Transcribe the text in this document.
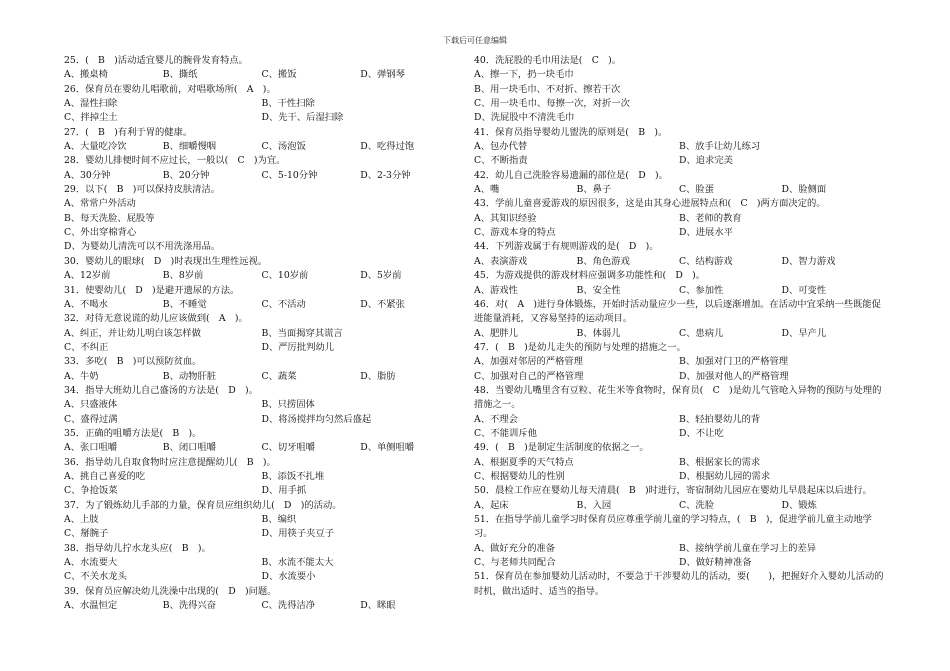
下载后可任意编辑
25．(　B　)活动适宜婴儿的腕骨发育特点。
A、搬桌椅	B、撕纸	C、搬饭	D、弹钢琴
26．保育员在婴幼儿唱歌前，对唱歌场所(　A　)。
A、湿性扫除	B、干性扫除
C、拌掉尘土	D、先干、后湿扫除
27．(　B　)有利于胃的健康。
A、大量吃冷饮	B、细嚼慢咽	C、汤泡饭	D、吃得过饱
28．婴幼儿排便时间不应过长，一般以(　C　)为宜。
A、30分钟	B、20分钟	C、5-10分钟	D、2-3分钟
29．以下(　B　)可以保持皮肤清洁。
A、常常户外活动
B、每天洗脸、屁股等
C、外出穿棉背心
D、为婴幼儿清洗可以不用洗涤用品。
30．婴幼儿的眼球(　D　)时表现出生理性远视。
A、12岁前	B、8岁前	C、10岁前	D、5岁前
31．使婴幼儿(　D　)是避开遗尿的方法。
A、不喝水	B、不睡觉	C、不活动	D、不紧张
32．对待无意说谎的幼儿应该做到(　A　)。
A、纠正，并让幼儿明白该怎样做	B、当面揭穿其谎言
C、不纠正	D、严厉批判幼儿
33．多吃(　B　)可以预防贫血。
A、牛奶	B、动物肝脏	C、蔬菜	D、脂肪
34．指导大班幼儿自己盛汤的方法是(　D　)。
A、只盛液体	B、只捞固体
C、盛得过满	D、将汤搅拌均匀然后盛起
35．正确的咀嚼方法是(　B　)。
A、张口咀嚼	B、闭口咀嚼	C、切牙咀嚼	D、单侧咀嚼
36．指导幼儿自取食物时应注意提醒幼儿(　B　)。
A、挑自己喜爱的吃	B、添饭不扎堆
C、争抢饭菜	D、用手抓
37．为了锻炼幼儿手部的力量，保育员应组织幼儿(　D　)的活动。
A、上肢	B、编织
C、掰腕子	D、用筷子夹豆子
38．指导幼儿拧水龙头应(　B　)。
A、水流要大	B、水流不能太大
C、不关水龙头	D、水流要小
39．保育员应解决幼儿洗澡中出现的(　D　)问题。
A、水温恒定	B、洗得兴奋	C、洗得洁净	D、眯眼
40．洗屁股的毛巾用法是(　C　)。
A、擦一下，扔一块毛巾
B、用一块毛巾、不对折、擦若干次
C、用一块毛巾、每擦一次，对折一次
D、洗屁股中不清洗毛巾
41．保育员指导婴幼儿盥洗的原则是(　B　)。
A、包办代替	B、放手让幼儿练习
C、不断指责	D、追求完美
42．幼儿自己洗脸容易遗漏的部位是(　D　)。
A、嘴	B、鼻子	C、脸蛋	D、脸侧面
43．学前儿童喜爱游戏的原因很多，这是由其身心进展特点和(　C　)两方面决定的。
A、其知识经验	B、老师的教育
C、游戏本身的特点	D、进展水平
44．下列游戏属于有规则游戏的是(　D　)。
A、表演游戏	B、角色游戏	C、结构游戏	D、智力游戏
45．为游戏提供的游戏材料应强调多功能性和(　D　)。
A、游戏性	B、安全性	C、参加性	D、可变性
46．对(　A　)进行身体锻炼，开始时活动量应少一些，以后逐渐增加。在活动中宜采纳一些既能促进能量消耗，又容易坚持的运动项目。
A、肥胖儿	B、体弱儿	C、患病儿	D、早产儿
47．(　B　)是幼儿走失的预防与处理的措施之一。
A、加强对邻居的严格管理	B、加强对门卫的严格管理
C、加强对自己的严格管理	D、加强对他人的严格管理
48．当婴幼儿嘴里含有豆粒、花生米等食物时，保育员(　C　)是幼儿气管呛入异物的预防与处理的措施之一。
A、不理会	B、轻拍婴幼儿的背
C、不能训斥他	D、不让吃
49．(　B　)是制定生活制度的依据之一。
A、根据夏季的天气特点	B、根据家长的需求
C、根据婴幼儿的性别	D、根据幼儿园的需求
50．晨检工作应在婴幼儿每天清晨(　B　)时进行，寄宿制幼儿园应在婴幼儿早晨起床以后进行。
A、起床	B、入园	C、洗脸	D、锻炼
51．在指导学前儿童学习时保育员应尊重学前儿童的学习特点，(　B　)，促进学前儿童主动地学习。
A、做好充分的准备	B、接纳学前儿童在学习上的差异
C、与老师共同配合	D、做好精神准备
51．保育员在参加婴幼儿活动时，不要急于干涉婴幼儿的活动，要(　　)，把握好介入婴幼儿活动的时机，做出适时、适当的指导。
